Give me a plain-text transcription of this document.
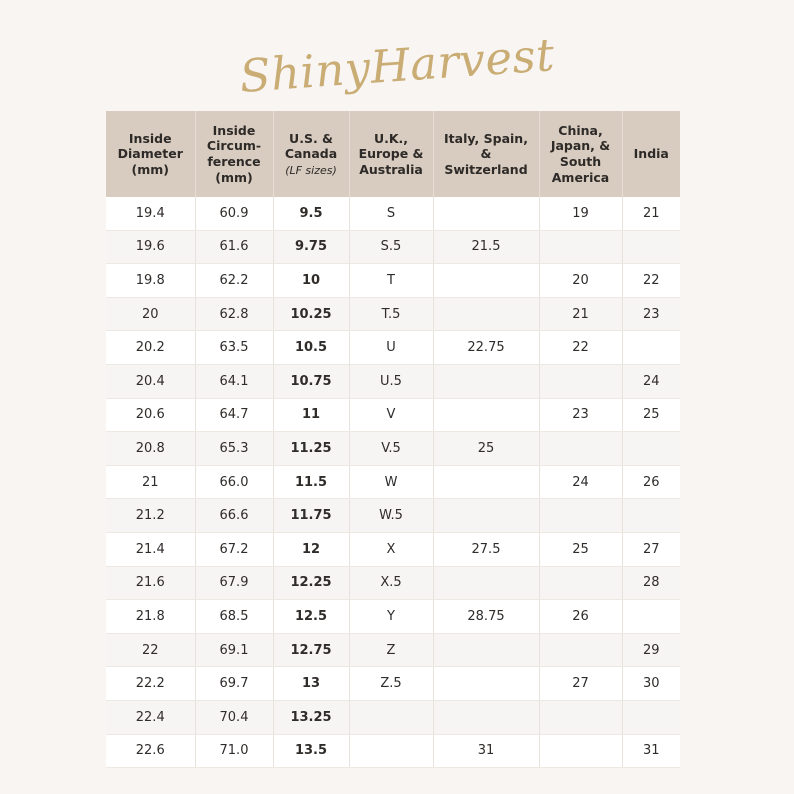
ShinyHarvest
Inside
Diameter
(mm)	Inside
Circum-
ference
(mm)	U.S. &
Canada
(LF sizes)	U.K.,
Europe &
Australia	Italy, Spain,
&
Switzerland	China,
Japan, &
South
America	India

19.4	60.9	9.5	S		19	21
19.6	61.6	9.75	S.5	21.5		
19.8	62.2	10	T		20	22
20	62.8	10.25	T.5		21	23
20.2	63.5	10.5	U	22.75	22	
20.4	64.1	10.75	U.5			24
20.6	64.7	11	V		23	25
20.8	65.3	11.25	V.5	25		
21	66.0	11.5	W		24	26
21.2	66.6	11.75	W.5			
21.4	67.2	12	X	27.5	25	27
21.6	67.9	12.25	X.5			28
21.8	68.5	12.5	Y	28.75	26	
22	69.1	12.75	Z			29
22.2	69.7	13	Z.5		27	30
22.4	70.4	13.25				
22.6	71.0	13.5		31		31
